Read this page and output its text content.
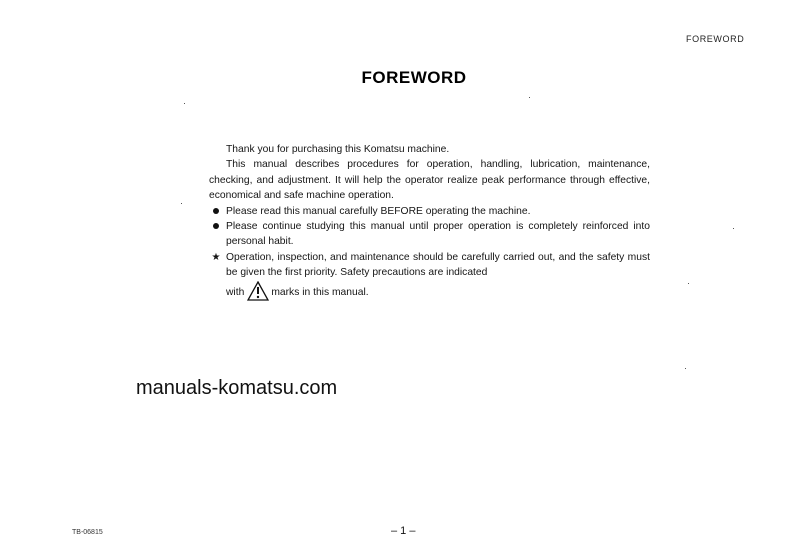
FOREWORD
FOREWORD
Thank you for purchasing this Komatsu machine.
This manual describes procedures for operation, handling, lubrication, maintenance, checking, and adjustment. It will help the operator realize peak performance through effective, economical and safe machine operation.
Please read this manual carefully BEFORE operating the machine.
Please continue studying this manual until proper operation is completely reinforced into personal habit.
★ Operation, inspection, and maintenance should be carefully carried out, and the safety must be given the first priority. Safety precautions are indicated
with	marks in this manual.
manuals-komatsu.com
TB-06815	– 1 –
